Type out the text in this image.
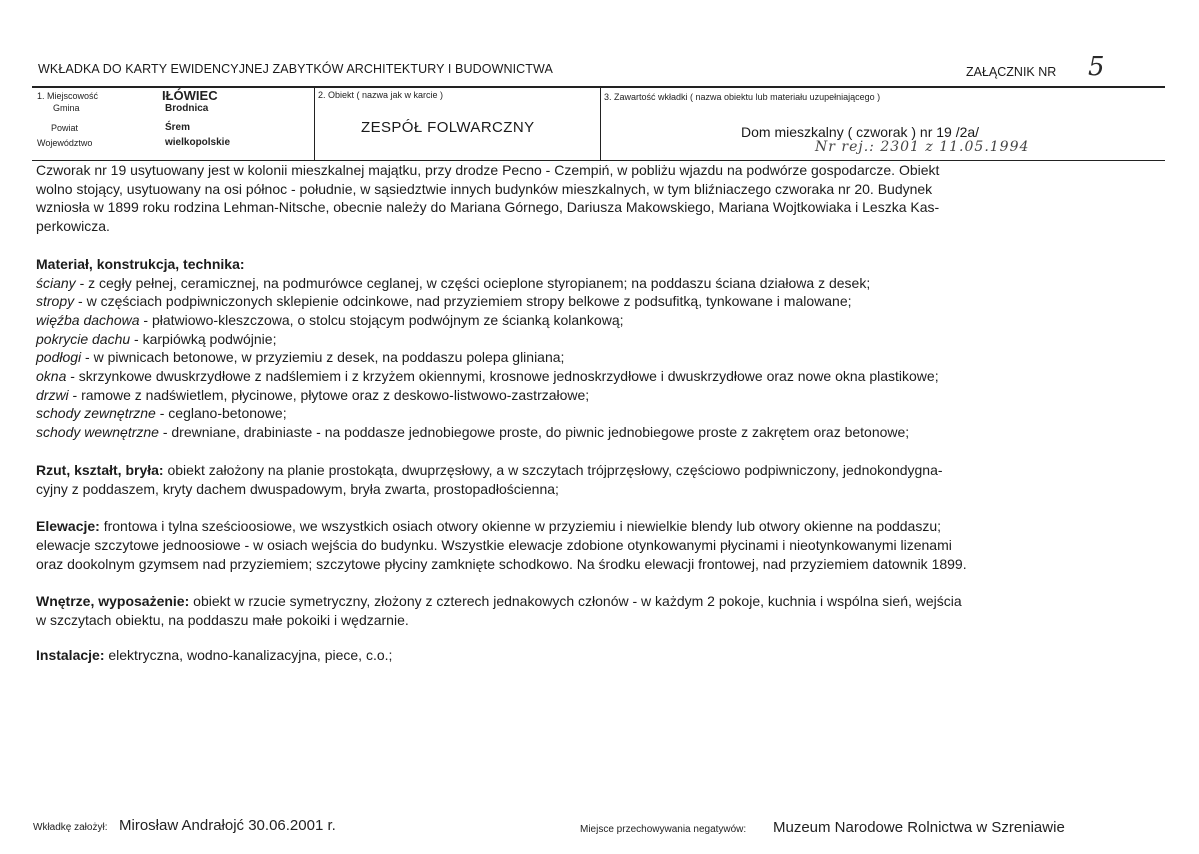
WKŁADKA DO KARTY EWIDENCYJNEJ ZABYTKÓW ARCHITEKTURY I BUDOWNICTWA	ZAŁĄCZNIK NR 5
1. Miejscowość	IŁÓWIEC
Gmina	Brodnica
Powiat	Śrem
Województwo	wielkopolskie
2. Obiekt ( nazwa jak w karcie )
ZESPÓŁ FOLWARCZNY
3. Zawartość wkładki ( nazwa obiektu lub materiału uzupełniającego )
Dom mieszkalny ( czworak ) nr 19 /2a/
Nr rej.: 2301 z 11.05.1994

Czworak nr 19 usytuowany jest w kolonii mieszkalnej majątku, przy drodze Pecno - Czempiń, w pobliżu wjazdu na podwórze gospodarcze. Obiekt
wolno stojący, usytuowany na osi północ - południe, w sąsiedztwie innych budynków mieszkalnych, w tym bliźniaczego czworaka nr 20. Budynek
wzniosła w 1899 roku rodzina Lehman-Nitsche, obecnie należy do Mariana Górnego, Dariusza Makowskiego, Mariana Wojtkowiaka i Leszka Kas-
perkowicza.

Materiał, konstrukcja, technika:

ściany - z cegły pełnej, ceramicznej, na podmurówce ceglanej, w części ocieplone styropianem; na poddaszu ściana działowa z desek;

stropy - w częściach podpiwniczonych sklepienie odcinkowe, nad przyziemiem stropy belkowe z podsufitką, tynkowane i malowane;

więźba dachowa - płatwiowo-kleszczowa, o stolcu stojącym podwójnym ze ścianką kolankową;

pokrycie dachu - karpiówką podwójnie;

podłogi - w piwnicach betonowe, w przyziemiu z desek, na poddaszu polepa gliniana;

okna - skrzynkowe dwuskrzydłowe z nadślemiem i z krzyżem okiennymi, krosnowe jednoskrzydłowe i dwuskrzydłowe oraz nowe okna plastikowe;

drzwi - ramowe z nadświetlem, płycinowe, płytowe oraz z deskowo-listwowo-zastrzałowe;

schody zewnętrzne - ceglano-betonowe;

schody wewnętrzne - drewniane, drabiniaste - na poddasze jednobiegowe proste, do piwnic jednobiegowe proste z zakrętem oraz betonowe;

Rzut, kształt, bryła: obiekt założony na planie prostokąta, dwuprzęsłowy, a w szczytach trójprzęsłowy, częściowo podpiwniczony, jednokondygna-
cyjny z poddaszem, kryty dachem dwuspadowym, bryła zwarta, prostopadłościenna;

Elewacje: frontowa i tylna sześcioosiowe, we wszystkich osiach otwory okienne w przyziemiu i niewielkie blendy lub otwory okienne na poddaszu;
elewacje szczytowe jednoosiowe - w osiach wejścia do budynku. Wszystkie elewacje zdobione otynkowanymi płycinami i nieotynkowanymi lizenami
oraz dookolnym gzymsem nad przyziemiem; szczytowe płyciny zamknięte schodkowo. Na środku elewacji frontowej, nad przyziemiem datownik 1899.

Wnętrze, wyposażenie: obiekt w rzucie symetryczny, złożony z czterech jednakowych członów - w każdym 2 pokoje, kuchnia i wspólna sień, wejścia
w szczytach obiektu, na poddaszu małe pokoiki i wędzarnie.

Instalacje: elektryczna, wodno-kanalizacyjna, piece, c.o.;

Wkładkę założył: Mirosław Andrałojć 30.06.2001 r.	Miejsce przechowywania negatywów: Muzeum Narodowe Rolnictwa w Szreniawie
